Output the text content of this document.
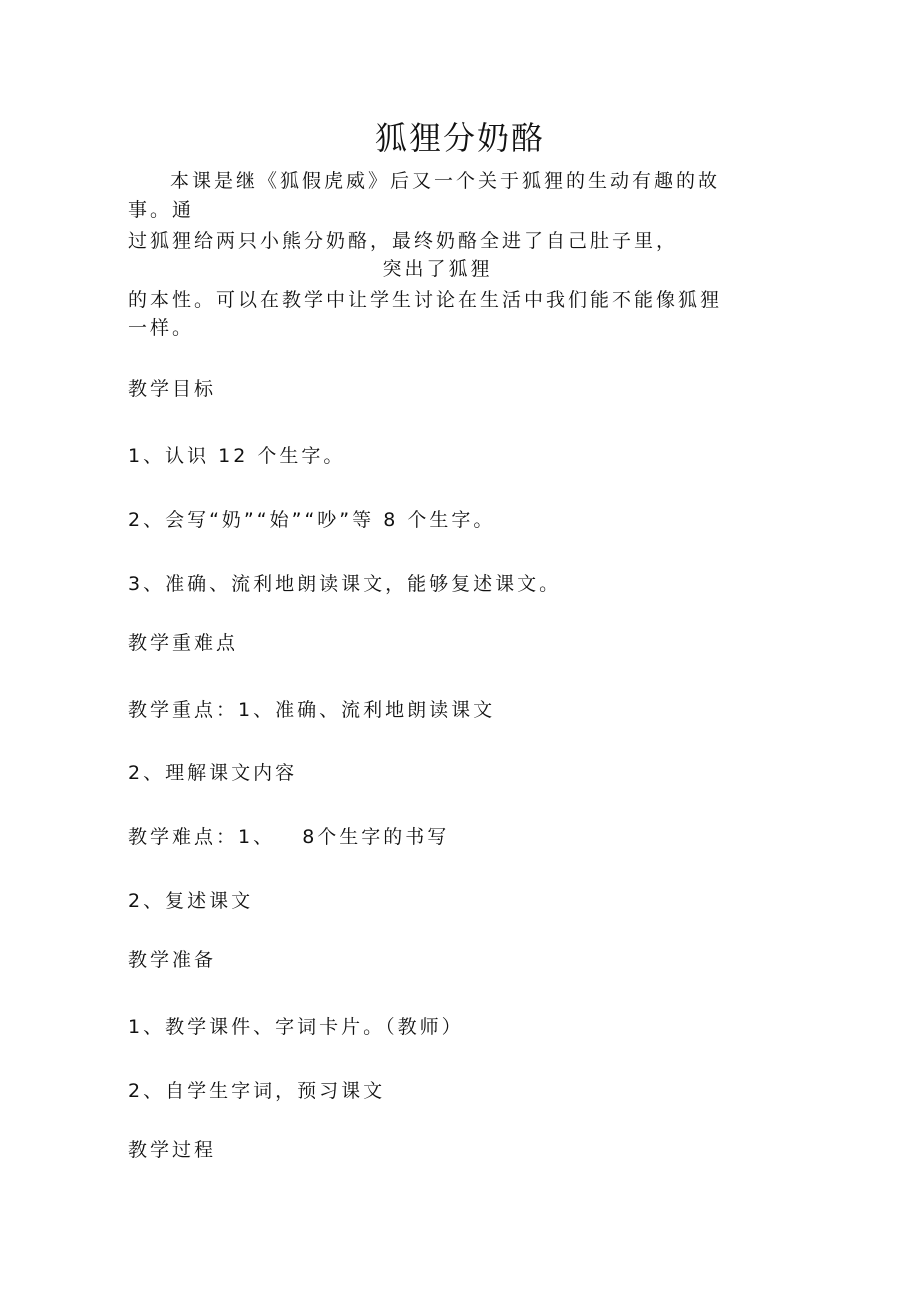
狐狸分奶酪
本课是继《狐假虎威》后又一个关于狐狸的生动有趣的故
事。通
过狐狸给两只小熊分奶酪，最终奶酪全进了自己肚子里，
突出了狐狸
的本性。可以在教学中让学生讨论在生活中我们能不能像狐狸
一样。
教学目标
1、认识 12 个生字。
2、会写“奶”“始”“吵”等 8 个生字。
3、准确、流利地朗读课文，能够复述课文。
教学重难点
教学重点：1、准确、流利地朗读课文
2、理解课文内容
教学难点：1、   8个生字的书写
2、复述课文
教学准备
1、教学课件、字词卡片。（教师）
2、自学生字词，预习课文
教学过程
